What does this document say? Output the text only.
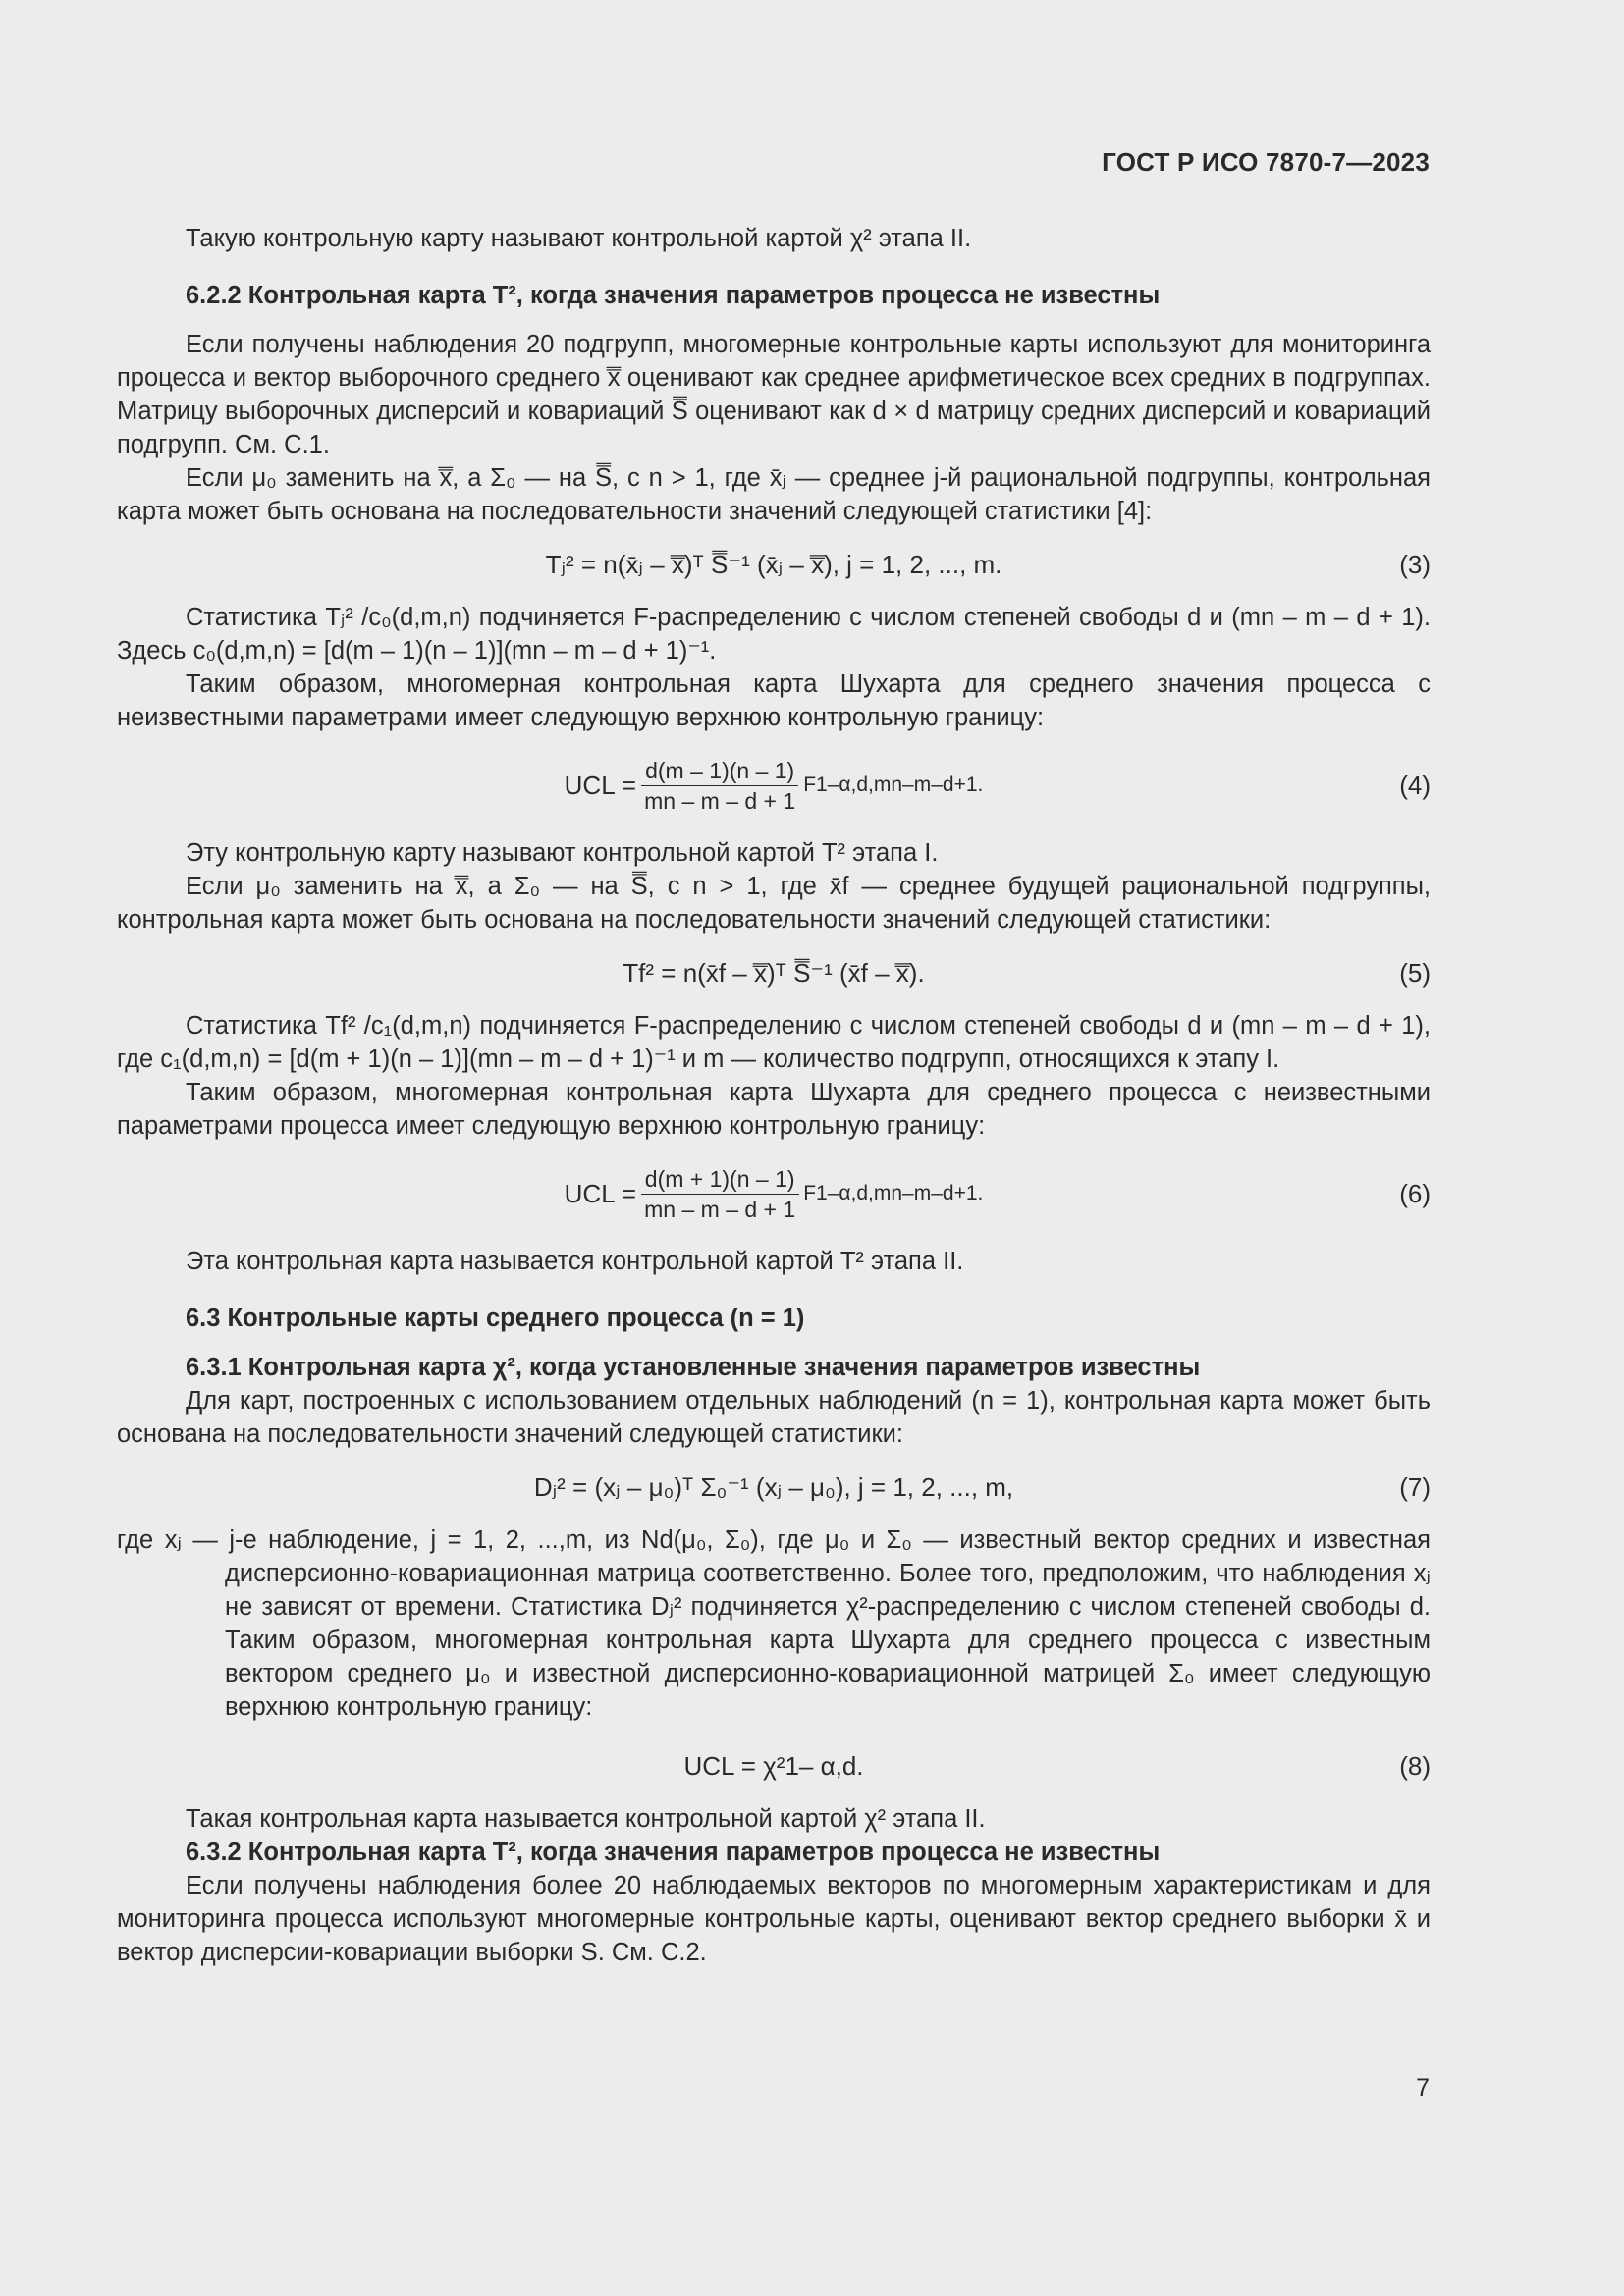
ГОСТ Р ИСО 7870-7—2023

Такую контрольную карту называют контрольной картой χ² этапа II.

6.2.2 Контрольная карта T², когда значения параметров процесса не известны

Если получены наблюдения 20 подгрупп, многомерные контрольные карты используют для мониторинга процесса и вектор выборочного среднего x̿ оценивают как среднее арифметическое всех средних в подгруппах. Матрицу выборочных дисперсий и ковариаций S̿ оценивают как d × d матрицу средних дисперсий и ковариаций подгрупп. См. С.1.

Если μ₀ заменить на x̿, а Σ₀ — на S̿, с n > 1, где x̄ⱼ — среднее j-й рациональной подгруппы, контрольная карта может быть основана на последовательности значений следующей статистики [4]:

Tⱼ² = n(x̄ⱼ – x̿)ᵀ S̿⁻¹ (x̄ⱼ – x̿), j = 1, 2, ..., m.	(3)

Статистика Tⱼ² /c₀(d,m,n) подчиняется F-распределению с числом степеней свободы d и (mn – m – d + 1). Здесь c₀(d,m,n) = [d(m – 1)(n – 1)](mn – m – d + 1)⁻¹.

Таким образом, многомерная контрольная карта Шухарта для среднего значения процесса с неизвестными параметрами имеет следующую верхнюю контрольную границу:

UCL = $\frac{d(m - 1)(n - 1)}{mn - m - d + 1} F1-\alpha,d,mn-m-d+1$.	(4)

Эту контрольную карту называют контрольной картой T² этапа I.

Если μ₀ заменить на x̿, а Σ₀ — на S̿, с n > 1, где x̄f — среднее будущей рациональной подгруппы, контрольная карта может быть основана на последовательности значений следующей статистики:

Tf² = n(x̄f – x̿)ᵀ S̿⁻¹ (x̄f – x̿).	(5)

Статистика Tf² /c₁(d,m,n) подчиняется F-распределению с числом степеней свободы d и (mn – m – d + 1), где c₁(d,m,n) = [d(m + 1)(n – 1)](mn – m – d + 1)⁻¹ и m — количество подгрупп, относящихся к этапу I.

Таким образом, многомерная контрольная карта Шухарта для среднего процесса с неизвестными параметрами процесса имеет следующую верхнюю контрольную границу:

UCL = $\frac{d(m + 1)(n - 1)}{mn - m - d + 1} F1-\alpha,d,mn-m-d+1$.	(6)

Эта контрольная карта называется контрольной картой T² этапа II.

6.3 Контрольные карты среднего процесса (n = 1)

6.3.1 Контрольная карта χ², когда установленные значения параметров известны

Для карт, построенных с использованием отдельных наблюдений (n = 1), контрольная карта может быть основана на последовательности значений следующей статистики:

Dⱼ² = (xⱼ – μ₀)ᵀ Σ₀⁻¹ (xⱼ – μ₀), j = 1, 2, ..., m,	(7)

где xⱼ — j-е наблюдение, j = 1, 2, ...,m, из Nd(μ₀, Σ₀), где μ₀ и Σ₀ — известный вектор средних и известная дисперсионно-ковариационная матрица соответственно. Более того, предположим, что наблюдения xⱼ не зависят от времени. Статистика Dⱼ² подчиняется χ²-распределению с числом степеней свободы d. Таким образом, многомерная контрольная карта Шухарта для среднего процесса с известным вектором среднего μ₀ и известной дисперсионно-ковариационной матрицей Σ₀ имеет следующую верхнюю контрольную границу:

UCL = χ²1– α,d.	(8)

Такая контрольная карта называется контрольной картой χ² этапа II.

6.3.2 Контрольная карта T², когда значения параметров процесса не известны

Если получены наблюдения более 20 наблюдаемых векторов по многомерным характеристикам и для мониторинга процесса используют многомерные контрольные карты, оценивают вектор среднего выборки x̄ и вектор дисперсии-ковариации выборки S. См. С.2.

7
